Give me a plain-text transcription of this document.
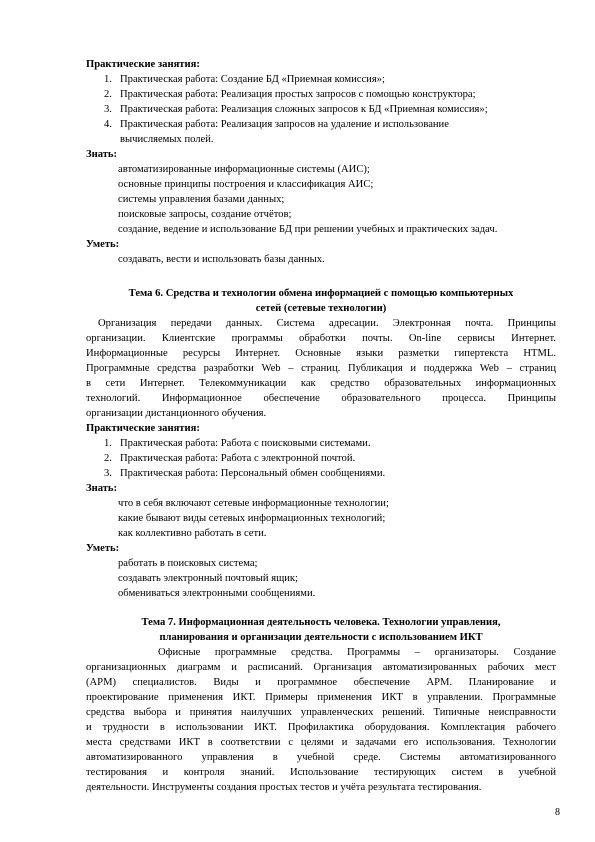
Практические занятия:
1. Практическая работа: Создание БД «Приемная комиссия»;
2. Практическая работа: Реализация простых запросов с помощью конструктора;
3. Практическая работа: Реализация сложных запросов к БД «Приемная комиссия»;
4. Практическая работа: Реализация запросов на удаление и использование
вычисляемых полей.
Знать:
автоматизированные информационные системы (АИС);
основные принципы построения и классификация АИС;
системы управления базами данных;
поисковые запросы, создание отчётов;
создание, ведение и использование БД при решении учебных и практических задач.
Уметь:
создавать, вести и использовать базы данных.
Тема 6. Средства и технологии обмена информацией с помощью компьютерных
сетей (сетевые технологии)
Организация передачи данных. Система адресации. Электронная почта. Принципы
организации. Клиентские программы обработки почты. On-line сервисы Интернет.
Информационные ресурсы Интернет. Основные языки разметки гипертекста HTML.
Программные средства разработки Web – страниц. Публикация и поддержка Web – страниц
в сети Интернет. Телекоммуникации как средство образовательных информационных
технологий. Информационное обеспечение образовательного процесса. Принципы
организации дистанционного обучения.
Практические занятия:
1. Практическая работа: Работа с поисковыми системами.
2. Практическая работа: Работа с электронной почтой.
3. Практическая работа: Персональный обмен сообщениями.
Знать:
что в себя включают сетевые информационные технологии;
какие бывают виды сетевых информационных технологий;
как коллективно работать в сети.
Уметь:
работать в поисковых система;
создавать электронный почтовый ящик;
обмениваться электронными сообщениями.
Тема 7. Информационная деятельность человека. Технологии управления,
планирования и организации деятельности с использованием ИКТ
Офисные программные средства. Программы – организаторы. Создание
организационных диаграмм и расписаний. Организация автоматизированных рабочих мест
(АРМ) специалистов. Виды и программное обеспечение АРМ. Планирование и
проектирование применения ИКТ. Примеры применения ИКТ в управлении. Программные
средства выбора и принятия наилучших управленческих решений. Типичные неисправности
и трудности в использовании ИКТ. Профилактика оборудования. Комплектация рабочего
места средствами ИКТ в соответствии с целями и задачами его использования. Технологии
автоматизированного управления в учебной среде. Системы автоматизированного
тестирования и контроля знаний. Использование тестирующих систем в учебной
деятельности. Инструменты создания простых тестов и учёта результата тестирования.
8
